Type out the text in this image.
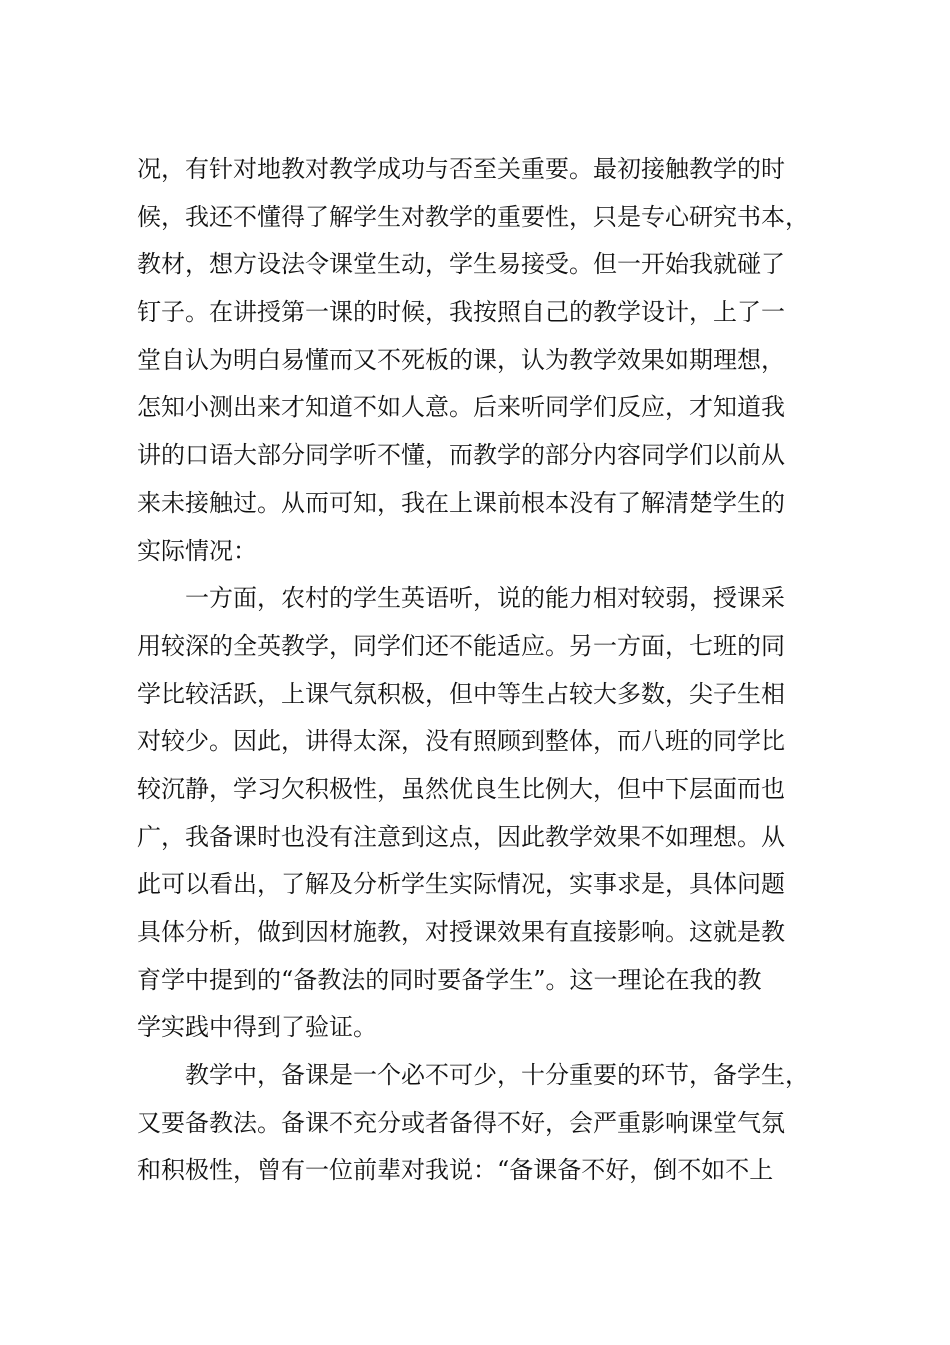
况，有针对地教对教学成功与否至关重要。最初接触教学的时
候，我还不懂得了解学生对教学的重要性，只是专心研究书本，
教材，想方设法令课堂生动，学生易接受。但一开始我就碰了
钉子。在讲授第一课的时候，我按照自己的教学设计，上了一
堂自认为明白易懂而又不死板的课，认为教学效果如期理想，
怎知小测出来才知道不如人意。后来听同学们反应，才知道我
讲的口语大部分同学听不懂，而教学的部分内容同学们以前从
来未接触过。从而可知，我在上课前根本没有了解清楚学生的
实际情况：
一方面，农村的学生英语听，说的能力相对较弱，授课采
用较深的全英教学，同学们还不能适应。另一方面，七班的同
学比较活跃，上课气氛积极，但中等生占较大多数，尖子生相
对较少。因此，讲得太深，没有照顾到整体，而八班的同学比
较沉静，学习欠积极性，虽然优良生比例大，但中下层面而也
广，我备课时也没有注意到这点，因此教学效果不如理想。从
此可以看出，了解及分析学生实际情况，实事求是，具体问题
具体分析，做到因材施教，对授课效果有直接影响。这就是教
育学中提到的“备教法的同时要备学生”。这一理论在我的教
学实践中得到了验证。
教学中，备课是一个必不可少，十分重要的环节，备学生，
又要备教法。备课不充分或者备得不好，会严重影响课堂气氛
和积极性，曾有一位前辈对我说：“备课备不好，倒不如不上
